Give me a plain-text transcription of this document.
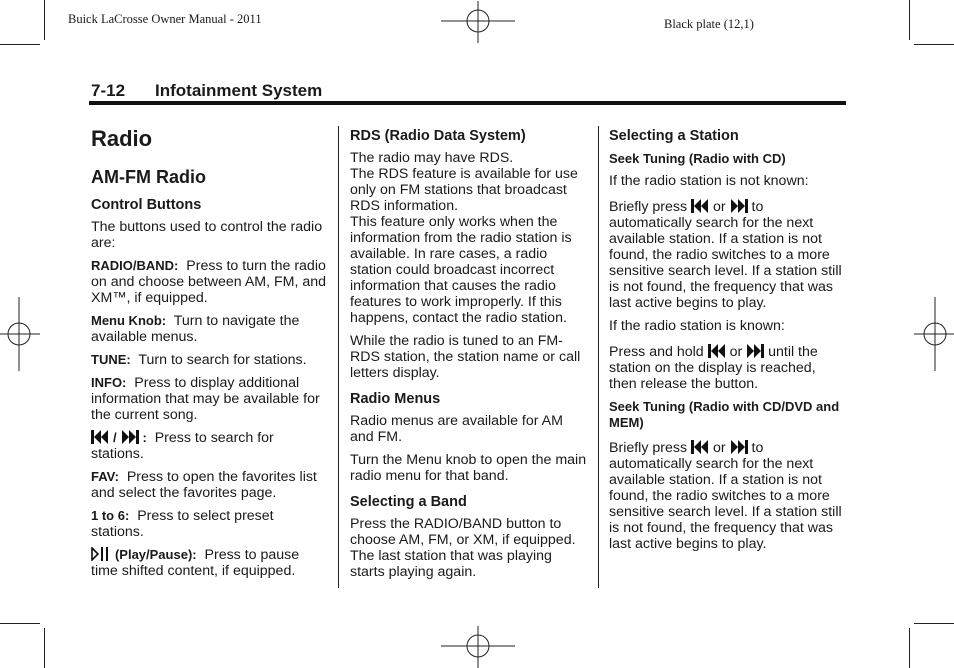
Buick LaCrosse Owner Manual - 2011	Black plate (12,1)
7-12 Infotainment System
Radio
AM-FM Radio
Control Buttons

The buttons used to control the radio are:

RADIO/BAND: Press to turn the radio on and choose between AM, FM, and XM™, if equipped.

Menu Knob: Turn to navigate the available menus.

TUNE: Turn to search for stations.

INFO: Press to display additional information that may be available for the current song.

/ : Press to search for stations.

FAV: Press to open the favorites list and select the favorites page.

1 to 6: Press to select preset stations.

(Play/Pause): Press to pause time shifted content, if equipped.

RDS (Radio Data System)
The radio may have RDS.
The RDS feature is available for use only on FM stations that broadcast RDS information.

This feature only works when the information from the radio station is available. In rare cases, a radio station could broadcast incorrect information that causes the radio features to work improperly. If this happens, contact the radio station.

While the radio is tuned to an FM-RDS station, the station name or call letters display.

Radio Menus

Radio menus are available for AM and FM.

Turn the Menu knob to open the main radio menu for that band.

Selecting a Band

Press the RADIO/BAND button to choose AM, FM, or XM, if equipped. The last station that was playing starts playing again.

Selecting a Station
Seek Tuning (Radio with CD)

If the radio station is not known:

Briefly press or to automatically search for the next available station. If a station is not found, the radio switches to a more sensitive search level. If a station still is not found, the frequency that was last active begins to play.

If the radio station is known:

Press and hold or until the station on the display is reached, then release the button.

Seek Tuning (Radio with CD/DVD and MEM)

Briefly press or to automatically search for the next available station. If a station is not found, the radio switches to a more sensitive search level. If a station still is not found, the frequency that was last active begins to play.
